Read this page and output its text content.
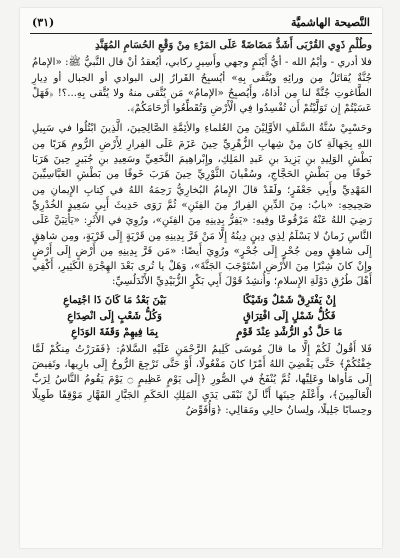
النَّصيحة الهاشميَّة
(٣١)

وطُلْمِ ذَوِي القُرْبَى أَشَدُّ مَضَاضَةً عَلَى المَرْءِ مِنْ وَقْعِ الحُسَامِ المُهَنَّدِ

فلا أدري - وأيْمُ الله - أيُّ أَيْتَمٍ وجهي وأَسِيرٍ ركابي، أيُعقدُ أنْ قال النَّبيُّ ﷺ: «الإمامُ جُنَّةٌ يُقاتَلُ مِن ورائِهِ ويُتَّقى بِهِ» أيُسبِحُ القَرارُ إلى البوادي أو الجبال أو دِيارِ الطَّاغوتِ جُنَّةً لنا مِن أذاهُ، وأَيُصبِحُ «الإمامُ» مَن يُتَّقى منهُ ولا يُتَّقى بِهِ...؟! ﴿فَهَلْ عَسَيْتُمْ إِن تَوَلَّيْتُمْ أَن تُفْسِدُوا فِي الْأَرْضِ وَتُقَطِّعُوا أَرْحَامَكُمْ﴾.

وحَسْبِيْ سُنَّةُ السَّلَفِ الأوَّلِيْنَ مِنَ العُلماءِ والأئِمَّةِ الصَّالِحِينَ، الَّذِينَ ابْتُلُوا في سَبِيلِ اللهِ بِجَهالَةِ كانَ مِنْ شِهابِ الزُّهْرِيِّ حِينَ عَزَمَ عَلَى الفِرارِ لِأَرْضِ الرُّومِ هَرَبًا مِن بَطْشِ الوَلِيدِ بنِ يَزِيدَ بنِ عَبدِ المَلِكِ، وإِبْراهِيمَ النَّخَعِيِّ وسَعِيدِ بنِ جُبَيرٍ حِينَ هَرَبَا خَوفًا مِن بَطْشِ الحَجَّاجِ، وسُفْيانَ الثَّوْرِيِّ حِينَ هَرَبَ خَوفًا مِن بَطْشِ العَبَّاسِيِّينَ المَهْدِيِّ وأَبِي جَعْفَرٍ؛ ولَقَدْ قالَ الإِمامُ البُخارِيُّ رَحِمَهُ اللهُ في كِتابِ الإِيمانِ مِن صَحِيحِهِ: «بابٌ: مِنَ الدِّينِ الفِرارُ مِنَ الفِتَنِ» ثُمَّ رَوَى حَدِيثَ أَبِي سَعِيدٍ الخُدْرِيِّ رَضِيَ اللهُ عَنْهُ مَرْفُوعًا وفِيهِ: «يَفِرُّ بِدِينِهِ مِنَ الفِتَنِ»، ورُوِيَ في الأَثَرِ: «يَأْتِيَنَّ عَلَى النَّاسِ زَمانٌ لا يَسْلَمُ لِذِي دِينٍ دِينُهُ إِلَّا مَنْ فَرَّ بِدِينِهِ مِن قَرْيَةٍ إِلَى قَرْيَةٍ، ومِن شاهِقٍ إِلَى شاهِقٍ ومِن جُحْرٍ إِلَى جُحْرٍ» ورُوِيَ أَيضًا: «مَن فَرَّ بِدِينِهِ مِن أَرْضٍ إِلَى أَرْضٍ وإِنْ كانَ شِبْرًا مِنَ الأَرْضِ اسْتَوْجَبَ الجَنَّةَ»، وَهَلْ يا تُرى بَعْدَ الهِجْرَةِ الكَثِيرِ، أَكْفِي أَهْلَ طُرُقِ دَوْلَةِ الإِسلامِ؛ وأُنشِدُ قَوْلَ أَبِي بَكْرٍ الزُّبَيْدِيِّ الأَنْدَلُسِيِّ:

إِنْ يَفْتَرِقْ شَمْلٌ وَشَيْكًا
بَيْنَ بَعْدُ مَا كَانَ ذَا اجْتِماعِ
فَكُلُّ شَمْلٍ إِلَى افْتِرَاقٍ
وَكُلُّ شَعْبٍ إِلَى انْصِدَاعِ
مَا حَلَّ ذُو الرُّشْدِ عِنْدَ قَوْمٍ
بِمَا فِيهِمْ وَقَفَةَ الوَدَاعِ

فَلا أَقُولُ لَكُمْ إِلَّا ما قالَ مُوسَى كَلِيمُ الرَّحْمَنِ عَلَيْهِ السَّلامُ: ﴿فَفَرَرْتُ مِنكُمْ لَمَّا خِفْتُكُمْ﴾ حَتَّى يَقْضِيَ اللهُ أَمْرًا كانَ مَفْعُولًا، أَوْ حَتَّى تَرْجِعَ الرُّوحُ إِلَى بارِيها، وتَفِيضَ إِلَى مَأْواها وعَلِيِّها، ثُمَّ يُنْفَخُ في الصُّورِ ﴿إِلَى يَوْمٍ عَظِيمٍ ۝ يَوْمَ يَقُومُ النَّاسُ لِرَبِّ الْعَالَمِينَ﴾، وأَعْلَمُ حِينَها أَنَّا لَنْ نَبْقَى يَدَيِ المَلِكِ الحَكَمِ الجَبَّارِ القَهَّارِ مَوْقِفًا طَوِيلًا وحِسابًا جَلِيلًا، ولِسانُ حالِي ومَقالِي: ﴿وَأُفَوِّضُ
